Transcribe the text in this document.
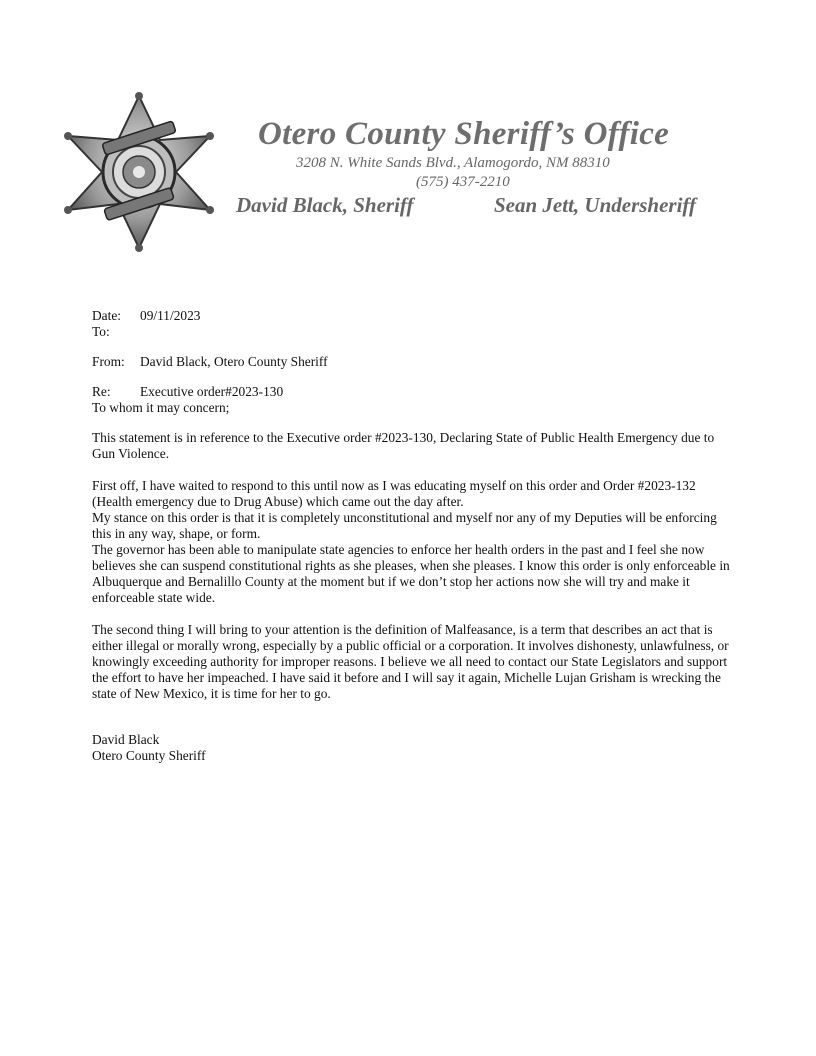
Otero County Sheriff’s Office
3208 N. White Sands Blvd., Alamogordo, NM 88310
(575) 437-2210
David Black, Sheriff	Sean Jett, Undersheriff
Date:	09/11/2023
To:
From:	David Black, Otero County Sheriff
Re:	Executive order#2023-130

To whom it may concern;

This statement is in reference to the Executive order #2023-130, Declaring State of Public Health Emergency due to Gun Violence.

First off, I have waited to respond to this until now as I was educating myself on this order and Order #2023-132 (Health emergency due to Drug Abuse) which came out the day after.

My stance on this order is that it is completely unconstitutional and myself nor any of my Deputies will be enforcing this in any way, shape, or form.

The governor has been able to manipulate state agencies to enforce her health orders in the past and I feel she now believes she can suspend constitutional rights as she pleases, when she pleases. I know this order is only enforceable in Albuquerque and Bernalillo County at the moment but if we don’t stop her actions now she will try and make it enforceable state wide.

The second thing I will bring to your attention is the definition of Malfeasance, is a term that describes an act that is either illegal or morally wrong, especially by a public official or a corporation. It involves dishonesty, unlawfulness, or knowingly exceeding authority for improper reasons. I believe we all need to contact our State Legislators and support the effort to have her impeached. I have said it before and I will say it again, Michelle Lujan Grisham is wrecking the state of New Mexico, it is time for her to go.

David Black
Otero County Sheriff
